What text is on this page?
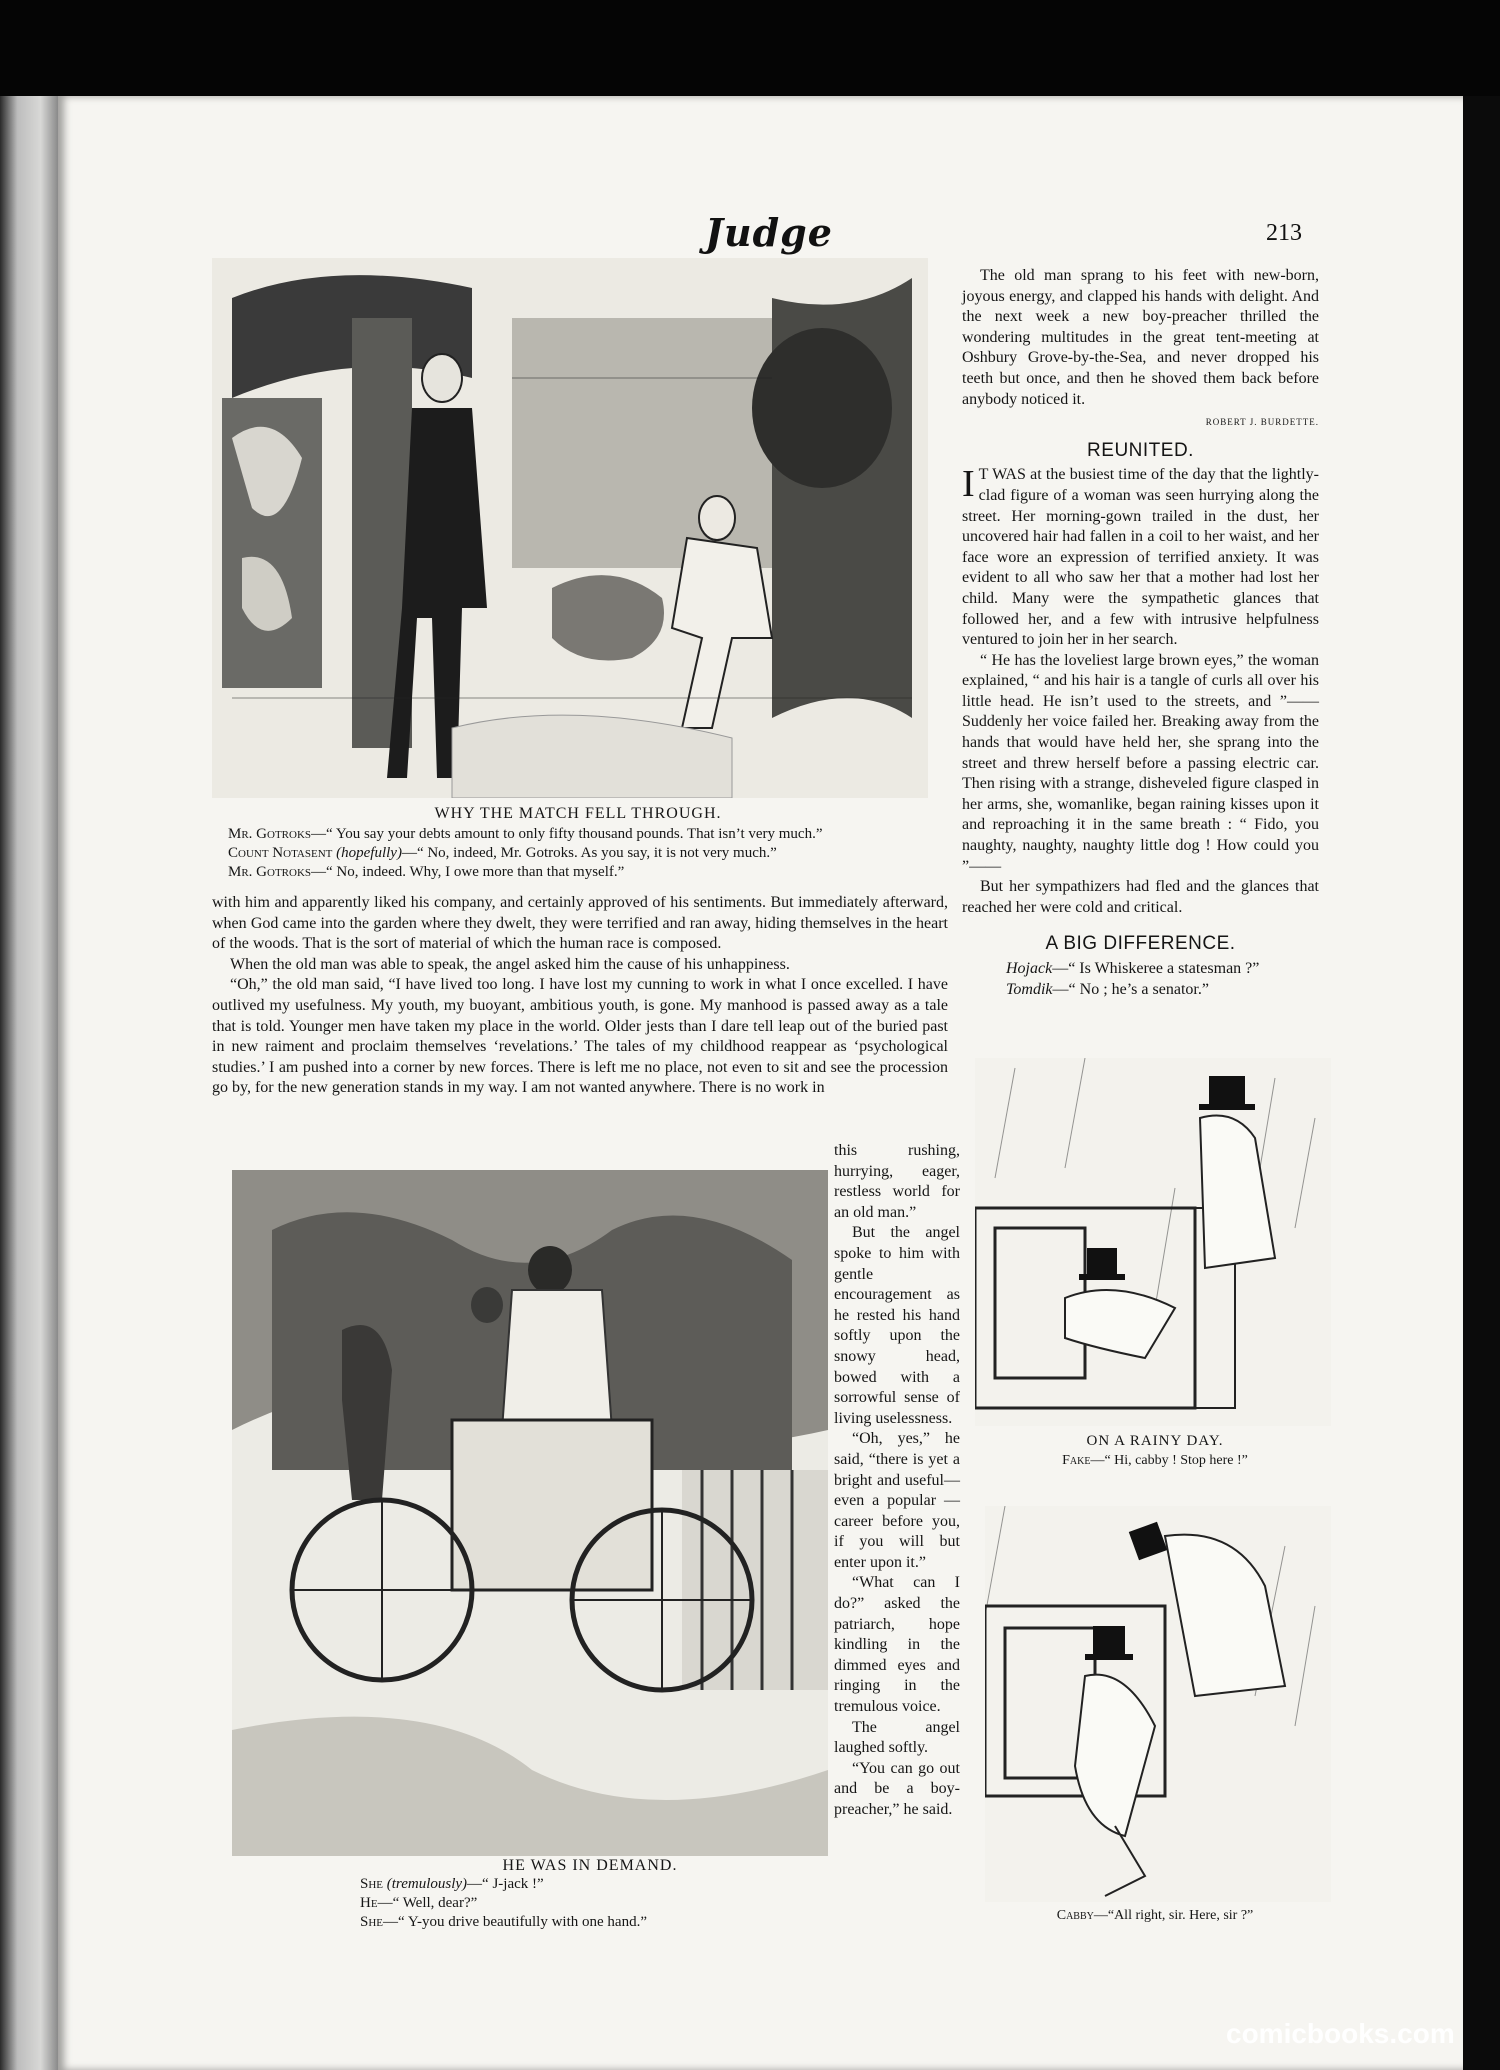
Judge	213
WHY THE MATCH FELL THROUGH.
Mr. Gotroks—“ You say your debts amount to only fifty thousand pounds. That isn’t very much.”
Count Notasent (hopefully)—“ No, indeed, Mr. Gotroks. As you say, it is not very much.”
Mr. Gotroks—“ No, indeed. Why, I owe more than that myself.”

with him and apparently liked his company, and certainly approved of his sentiments. But immediately afterward, when God came into the garden where they dwelt, they were terrified and ran away, hiding themselves in the heart of the woods. That is the sort of material of which the human race is composed.

When the old man was able to speak, the angel asked him the cause of his unhappiness.

“Oh,” the old man said, “I have lived too long. I have lost my cunning to work in what I once excelled. I have outlived my usefulness. My youth, my buoyant, ambitious youth, is gone. My manhood is passed away as a tale that is told. Younger men have taken my place in the world. Older jests than I dare tell leap out of the buried past in new raiment and proclaim themselves ‘revelations.’ The tales of my childhood reappear as ‘psychological studies.’ I am pushed into a corner by new forces. There is left me no place, not even to sit and see the procession go by, for the new generation stands in my way. I am not wanted anywhere. There is no work in

this rushing, hurrying, eager, restless world for an old man.”

But the angel spoke to him with gentle encouragement as he rested his hand softly upon the snowy head, bowed with a sorrowful sense of living uselessness.

“Oh, yes,” he said, “there is yet a bright and useful— even a popular —career before you, if you will but enter upon it.”

“What can I do?” asked the patriarch, hope kindling in the dimmed eyes and ringing in the tremulous voice.

The angel laughed softly.

“You can go out and be a boy-preacher,” he said.

HE WAS IN DEMAND.
She (tremulously)—“ J-jack !”
He—“ Well, dear?”
She—“ Y-you drive beautifully with one hand.”

The old man sprang to his feet with new-born, joyous energy, and clapped his hands with delight. And the next week a new boy-preacher thrilled the wondering multitudes in the great tent-meeting at Oshbury Grove-by-the-Sea, and never dropped his teeth but once, and then he shoved them back before anybody noticed it.

ROBERT J. BURDETTE.
REUNITED.

I T WAS at the busiest time of the day that the lightly-clad figure of a woman was seen hurrying along the street. Her morning-gown trailed in the dust, her uncovered hair had fallen in a coil to her waist, and her face wore an expression of terrified anxiety. It was evident to all who saw her that a mother had lost her child. Many were the sympathetic glances that followed her, and a few with intrusive helpfulness ventured to join her in her search.

“ He has the loveliest large brown eyes,” the woman explained, “ and his hair is a tangle of curls all over his little head. He isn’t used to the streets, and ”—— Suddenly her voice failed her. Breaking away from the hands that would have held her, she sprang into the street and threw herself before a passing electric car. Then rising with a strange, disheveled figure clasped in her arms, she, womanlike, began raining kisses upon it and reproaching it in the same breath : “ Fido, you naughty, naughty, naughty little dog ! How could you ”——

But her sympathizers had fled and the glances that reached her were cold and critical.

A BIG DIFFERENCE.

Hojack—“ Is Whiskeree a statesman ?”

Tomdik—“ No ; he’s a senator.”

ON A RAINY DAY.
Fake—“ Hi, cabby ! Stop here !”
Cabby—“All right, sir. Here, sir ?”
comicbooks.com
